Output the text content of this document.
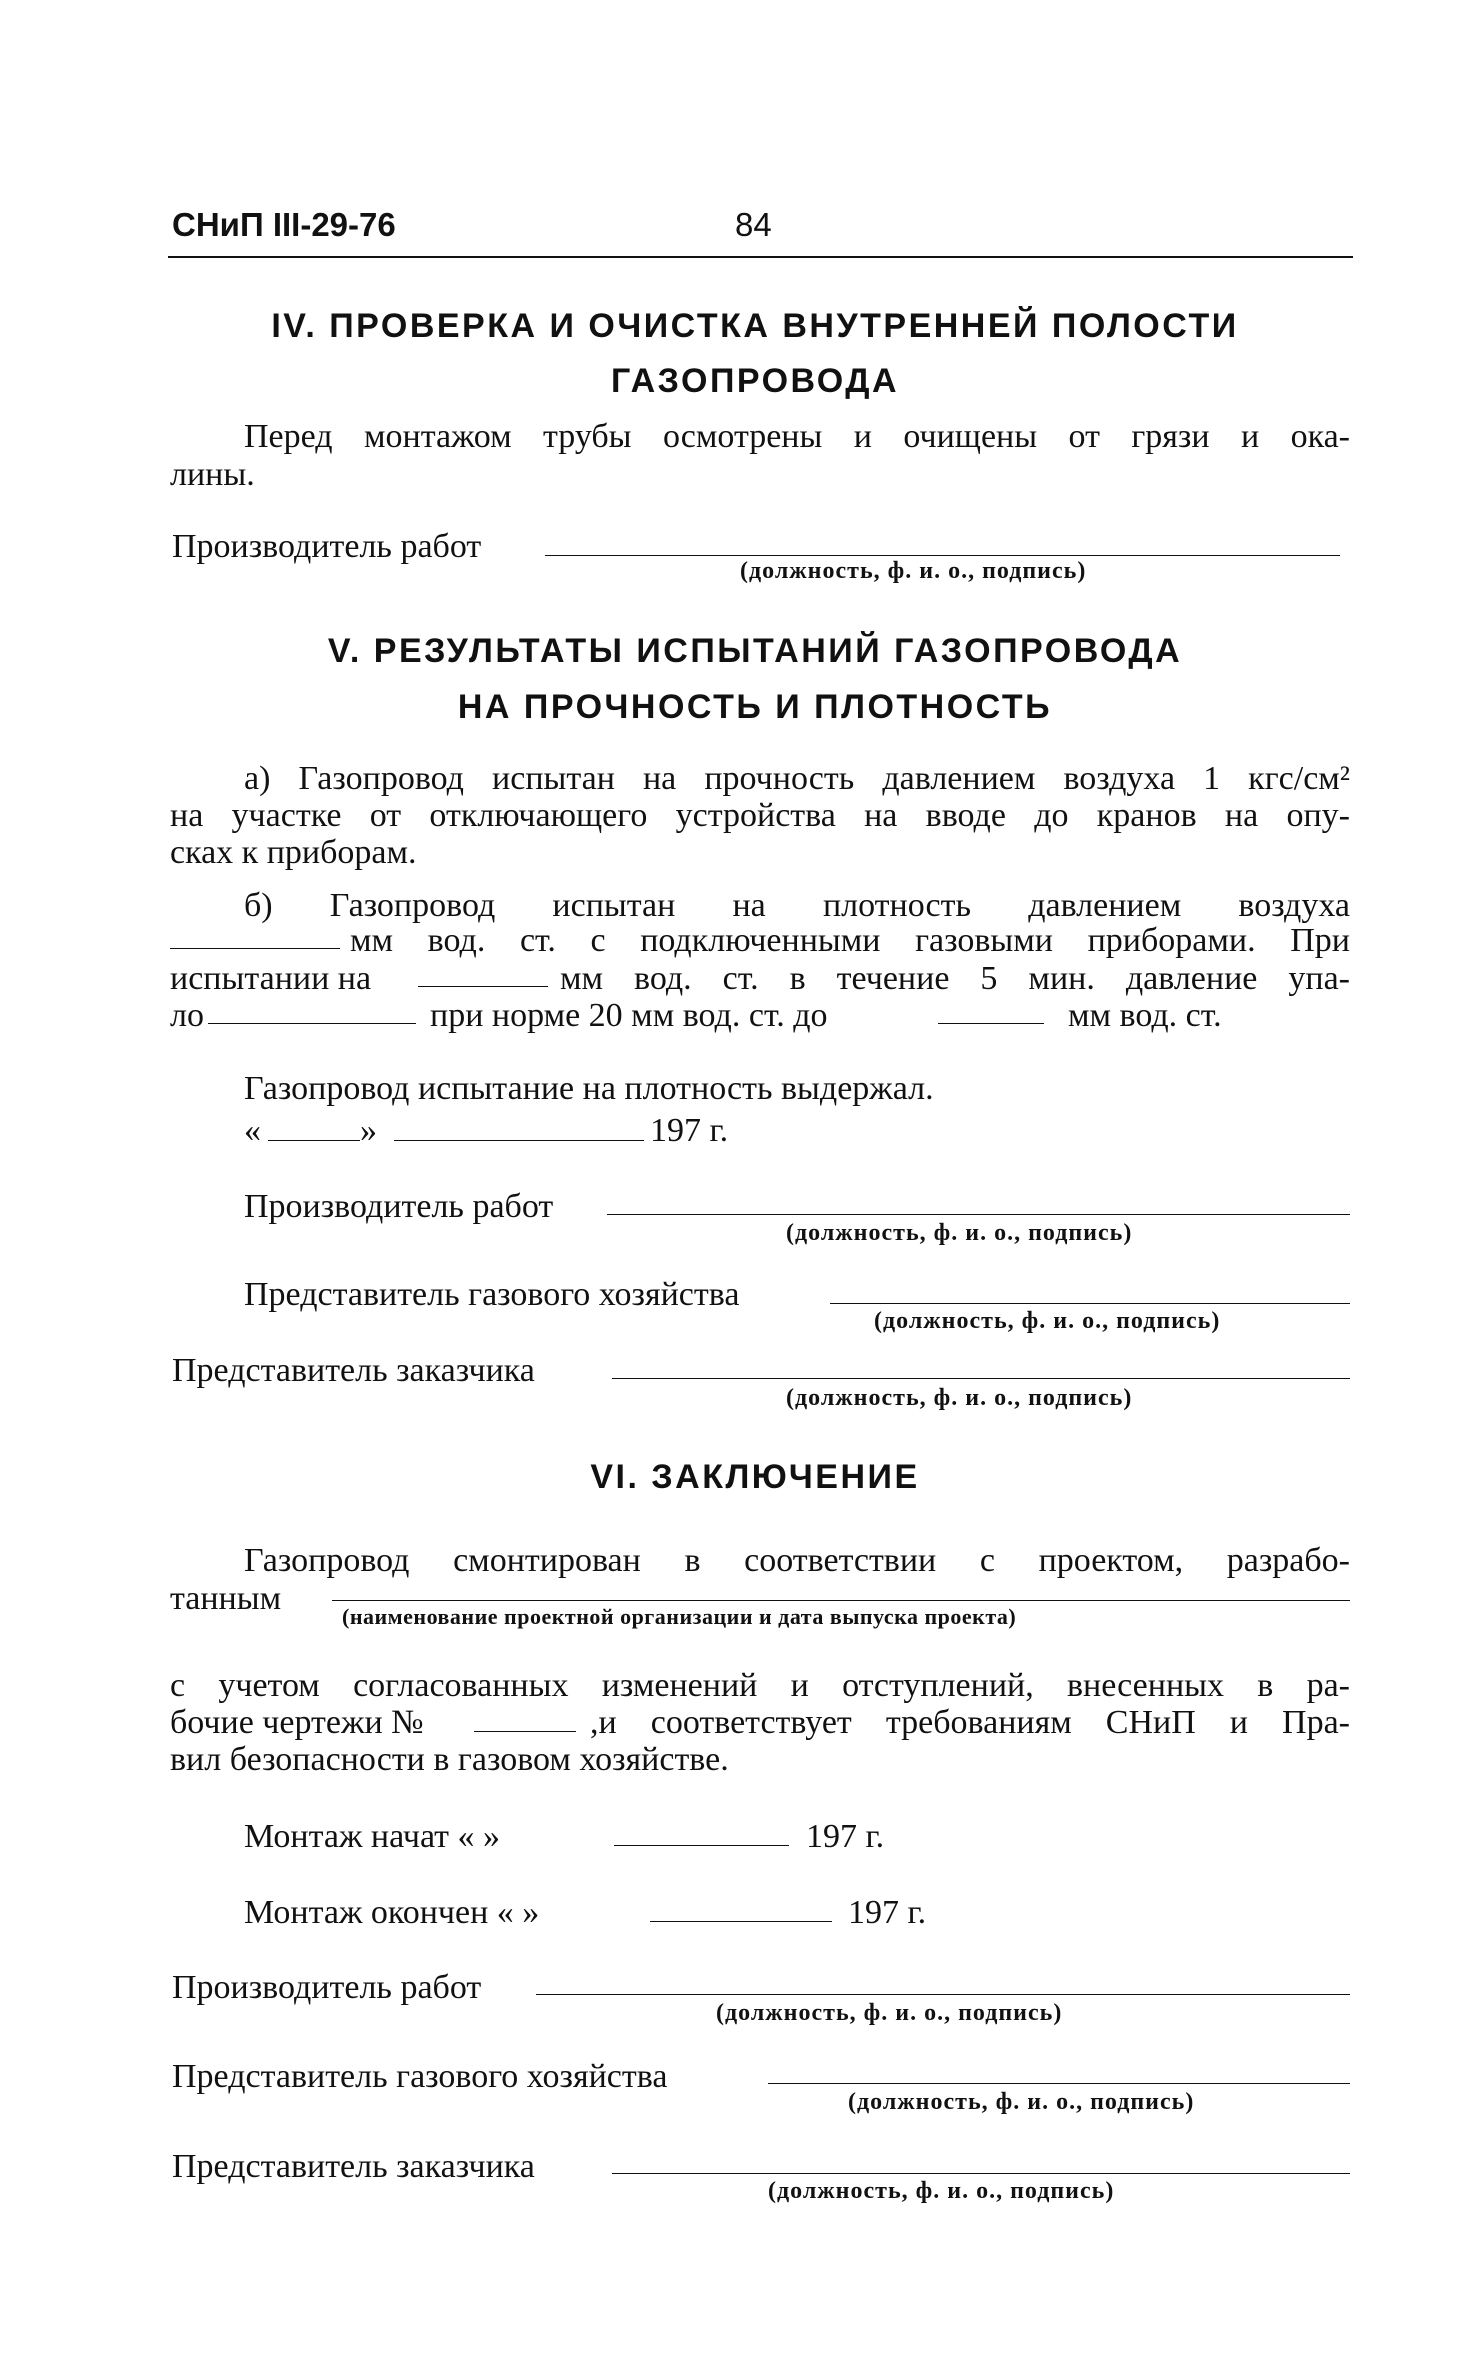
СНиП III-29-76	84
IV. ПРОВЕРКА И ОЧИСТКА ВНУТРЕННЕЙ ПОЛОСТИ
ГАЗОПРОВОДА
Перед монтажом трубы осмотрены и очищены от грязи и ока-
лины.
Производитель работ
(должность, ф. и. о., подпись)
V. РЕЗУЛЬТАТЫ ИСПЫТАНИЙ ГАЗОПРОВОДА
НА ПРОЧНОСТЬ И ПЛОТНОСТЬ
а) Газопровод испытан на прочность давлением воздуха 1 кгс/см²
на участке от отключающего устройства на вводе до кранов на опу-
сках к приборам.
б) Газопровод испытан на плотность давлением воздуха
мм вод. ст. с подключенными газовыми приборами. При
испытании на	мм вод. ст. в течение 5 мин. давление упа-
ло	при норме 20 мм вод. ст. до	мм вод. ст.
Газопровод испытание на плотность выдержал.
«	»	197 г.
Производитель работ
(должность, ф. и. о., подпись)
Представитель газового хозяйства
(должность, ф. и. о., подпись)
Представитель заказчика
(должность, ф. и. о., подпись)
VI. ЗАКЛЮЧЕНИЕ
Газопровод смонтирован в соответствии с проектом, разрабо-
танным	(наименование проектной организации и дата выпуска проекта)
с учетом согласованных изменений и отступлений, внесенных в ра-
бочие чертежи №	,и соответствует требованиям СНиП и Пра-
вил безопасности в газовом хозяйстве.
Монтаж начат « »	197 г.
Монтаж окончен « »	197 г.
Производитель работ
(должность, ф. и. о., подпись)
Представитель газового хозяйства
(должность, ф. и. о., подпись)
Представитель заказчика
(должность, ф. и. о., подпись)
